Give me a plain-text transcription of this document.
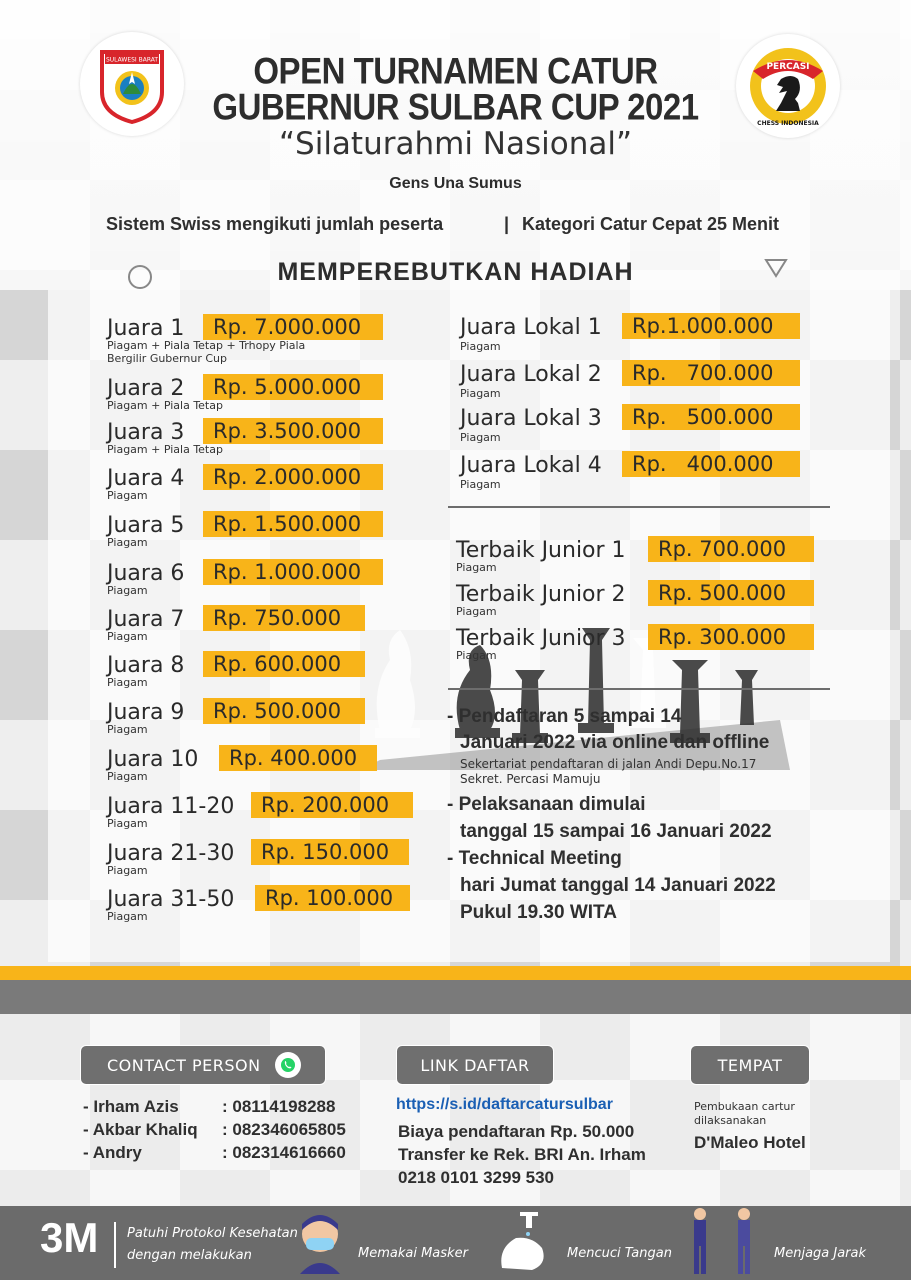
SULAWESI BARAT
PERCASI
CHESS INDONESIA
OPEN TURNAMEN CATUR
GUBERNUR SULBAR CUP 2021
“Silaturahmi Nasional”
Gens Una Sumus
Sistem Swiss mengikuti jumlah peserta	| Kategori Catur Cepat 25 Menit
MEMPEREBUTKAN HADIAH
Juara 1	Rp. 7.000.000
Piagam + Piala Tetap + Trhopy Piala Bergilir Gubernur Cup
Juara 2	Rp. 5.000.000
Piagam + Piala Tetap
Juara 3	Rp. 3.500.000
Piagam + Piala Tetap
Juara 4	Rp. 2.000.000
Piagam
Juara 5	Rp. 1.500.000
Piagam
Juara 6	Rp. 1.000.000
Piagam
Juara 7	Rp. 750.000
Piagam
Juara 8	Rp. 600.000
Piagam
Juara 9	Rp. 500.000
Piagam
Juara 10	Rp. 400.000
Piagam
Juara 11-20	Rp. 200.000
Piagam
Juara 21-30	Rp. 150.000
Piagam
Juara 31-50	Rp. 100.000
Piagam
Juara Lokal 1	Rp.1.000.000
Piagam
Juara Lokal 2	Rp.   700.000
Piagam
Juara Lokal 3	Rp.   500.000
Piagam
Juara Lokal 4	Rp.   400.000
Piagam
Terbaik Junior 1	Rp. 700.000
Piagam
Terbaik Junior 2	Rp. 500.000
Piagam
Terbaik Junior 3	Rp. 300.000
Piagam
- Pendaftaran 5 sampai 14
Januari 2022 via online dan offline
Sekertariat pendaftaran di jalan Andi Depu.No.17
Sekret. Percasi Mamuju
- Pelaksanaan dimulai
tanggal 15 sampai 16 Januari 2022
- Technical Meeting
hari Jumat tanggal 14 Januari 2022
Pukul 19.30 WITA
CONTACT PERSON
- Irham Azis	: 08114198288
- Akbar Khaliq : 082346065805
- Andry	: 082314616660
LINK DAFTAR
https://s.id/daftarcatursulbar
Biaya pendaftaran Rp. 50.000
Transfer ke Rek. BRI An. Irham
0218 0101 3299 530
TEMPAT
Pembukaan cartur dilaksanakan
D'Maleo Hotel
3M Patuhi Protokol Kesehatan
dengan melakukan	Memakai Masker	Mencuci Tangan	Menjaga Jarak
